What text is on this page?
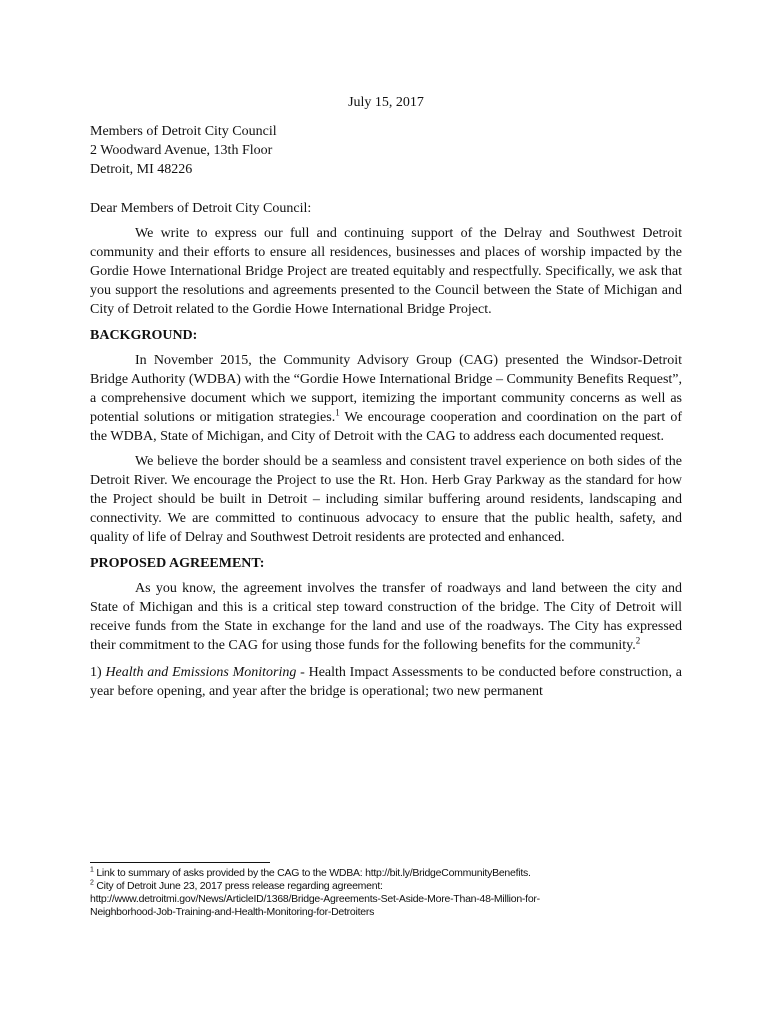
July 15, 2017
Members of Detroit City Council
2 Woodward Avenue, 13th Floor
Detroit, MI 48226
Dear Members of Detroit City Council:

We write to express our full and continuing support of the Delray and Southwest Detroit community and their efforts to ensure all residences, businesses and places of worship impacted by the Gordie Howe International Bridge Project are treated equitably and respectfully. Specifically, we ask that you support the resolutions and agreements presented to the Council between the State of Michigan and City of Detroit related to the Gordie Howe International Bridge Project.

BACKGROUND:

In November 2015, the Community Advisory Group (CAG) presented the Windsor-Detroit Bridge Authority (WDBA) with the “Gordie Howe International Bridge – Community Benefits Request”, a comprehensive document which we support, itemizing the important community concerns as well as potential solutions or mitigation strategies.$^1$ We encourage cooperation and coordination on the part of the WDBA, State of Michigan, and City of Detroit with the CAG to address each documented request.

We believe the border should be a seamless and consistent travel experience on both sides of the Detroit River. We encourage the Project to use the Rt. Hon. Herb Gray Parkway as the standard for how the Project should be built in Detroit – including similar buffering around residents, landscaping and connectivity. We are committed to continuous advocacy to ensure that the public health, safety, and quality of life of Delray and Southwest Detroit residents are protected and enhanced.

PROPOSED AGREEMENT:

As you know, the agreement involves the transfer of roadways and land between the city and State of Michigan and this is a critical step toward construction of the bridge. The City of Detroit will receive funds from the State in exchange for the land and use of the roadways. The City has expressed their commitment to the CAG for using those funds for the following benefits for the community.$^2$

1) Health and Emissions Monitoring - Health Impact Assessments to be conducted before construction, a year before opening, and year after the bridge is operational; two new permanent

$^1$ Link to summary of asks provided by the CAG to the WDBA: http://bit.ly/BridgeCommunityBenefits.
$^2$ City of Detroit June 23, 2017 press release regarding agreement:
http://www.detroitmi.gov/News/ArticleID/1368/Bridge-Agreements-Set-Aside-More-Than-48-Million-for-
Neighborhood-Job-Training-and-Health-Monitoring-for-Detroiters
